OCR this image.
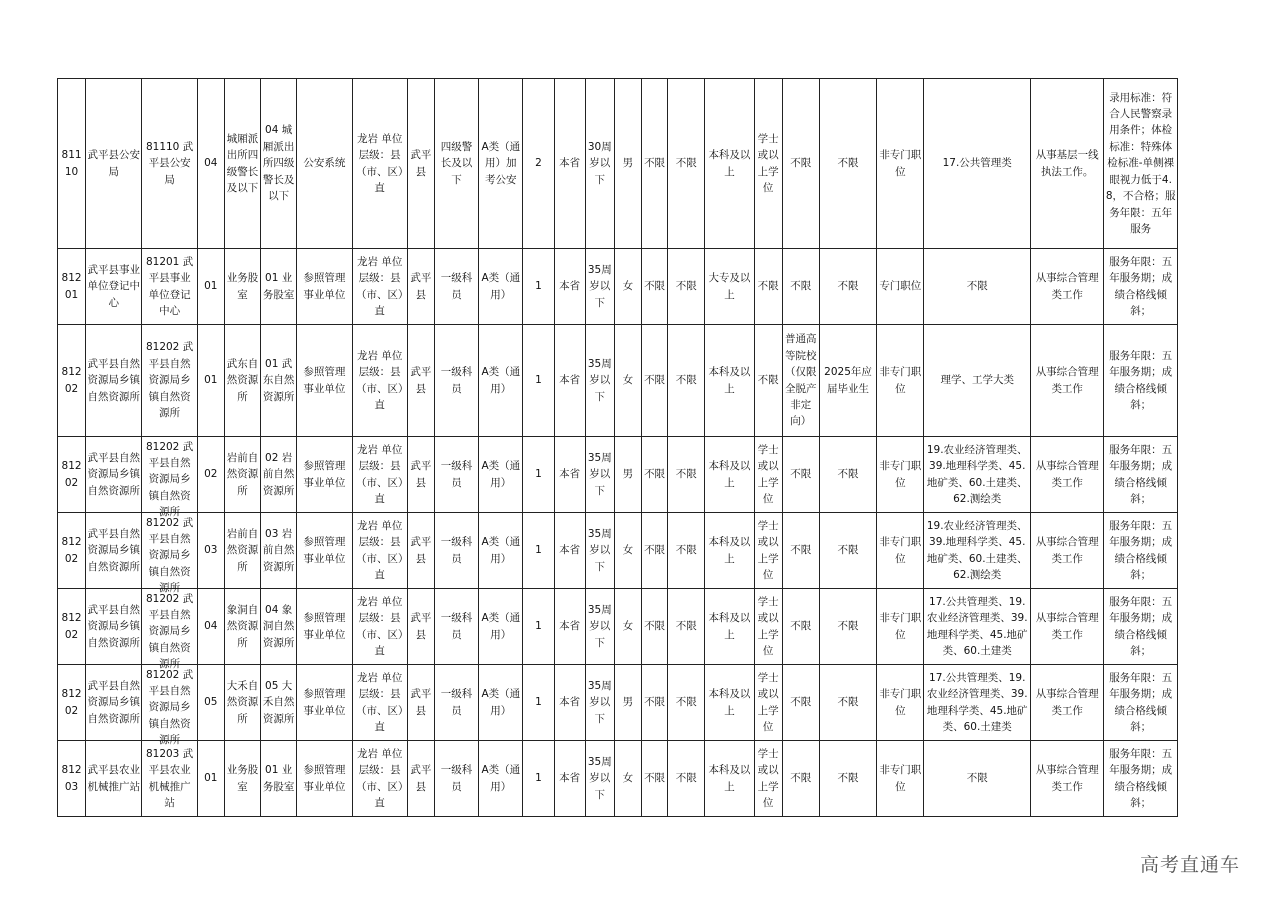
81110	武平县公安局	81110 武平县公安局	04	城厢派出所四级警长及以下	04 城厢派出所四级警长及以下	公安系统	龙岩 单位层级：县（市、区）直	武平县	四级警长及以下	A类（通用）加考公安	2	本省	30周岁以下	男	不限	不限	本科及以上	学士或以上学位	不限	不限	非专门职位	17.公共管理类	从事基层一线执法工作。	录用标准：符合人民警察录用条件；体检标准：特殊体检标准-单侧裸眼视力低于4.8，不合格；服务年限：五年服务

81201	武平县事业单位登记中心	81201 武平县事业单位登记中心	01	业务股室	01 业务股室	参照管理事业单位	龙岩 单位层级：县（市、区）直	武平县	一级科员	A类（通用）	1	本省	35周岁以下	女	不限	不限	大专及以上	不限	不限	不限	专门职位	不限	从事综合管理类工作	服务年限：五年服务期；成绩合格线倾斜；

81202	武平县自然资源局乡镇自然资源所	81202 武平县自然资源局乡镇自然资源所	01	武东自然资源所	01 武东自然资源所	参照管理事业单位	龙岩 单位层级：县（市、区）直	武平县	一级科员	A类（通用）	1	本省	35周岁以下	女	不限	不限	本科及以上	不限	普通高等院校（仅限全脱产非定向）	2025年应届毕业生	非专门职位	理学、工学大类	从事综合管理类工作	服务年限：五年服务期；成绩合格线倾斜；

81202	武平县自然资源局乡镇自然资源所	81202 武平县自然资源局乡镇自然资源所	02	岩前自然资源所	02 岩前自然资源所	参照管理事业单位	龙岩 单位层级：县（市、区）直	武平县	一级科员	A类（通用）	1	本省	35周岁以下	男	不限	不限	本科及以上	学士或以上学位	不限	不限	非专门职位	19.农业经济管理类、39.地理科学类、45.地矿类、60.土建类、62.测绘类	从事综合管理类工作	服务年限：五年服务期；成绩合格线倾斜；

81202	武平县自然资源局乡镇自然资源所	81202 武平县自然资源局乡镇自然资源所	03	岩前自然资源所	03 岩前自然资源所	参照管理事业单位	龙岩 单位层级：县（市、区）直	武平县	一级科员	A类（通用）	1	本省	35周岁以下	女	不限	不限	本科及以上	学士或以上学位	不限	不限	非专门职位	19.农业经济管理类、39.地理科学类、45.地矿类、60.土建类、62.测绘类	从事综合管理类工作	服务年限：五年服务期；成绩合格线倾斜；

81202	武平县自然资源局乡镇自然资源所	81202 武平县自然资源局乡镇自然资源所	04	象洞自然资源所	04 象洞自然资源所	参照管理事业单位	龙岩 单位层级：县（市、区）直	武平县	一级科员	A类（通用）	1	本省	35周岁以下	女	不限	不限	本科及以上	学士或以上学位	不限	不限	非专门职位	17.公共管理类、19.农业经济管理类、39.地理科学类、45.地矿类、60.土建类	从事综合管理类工作	服务年限：五年服务期；成绩合格线倾斜；

81202	武平县自然资源局乡镇自然资源所	81202 武平县自然资源局乡镇自然资源所	05	大禾自然资源所	05 大禾自然资源所	参照管理事业单位	龙岩 单位层级：县（市、区）直	武平县	一级科员	A类（通用）	1	本省	35周岁以下	男	不限	不限	本科及以上	学士或以上学位	不限	不限	非专门职位	17.公共管理类、19.农业经济管理类、39.地理科学类、45.地矿类、60.土建类	从事综合管理类工作	服务年限：五年服务期；成绩合格线倾斜；

81203	武平县农业机械推广站	81203 武平县农业机械推广站	01	业务股室	01 业务股室	参照管理事业单位	龙岩 单位层级：县（市、区）直	武平县	一级科员	A类（通用）	1	本省	35周岁以下	女	不限	不限	本科及以上	学士或以上学位	不限	不限	非专门职位	不限	从事综合管理类工作	服务年限：五年服务期；成绩合格线倾斜；
高考直通车
